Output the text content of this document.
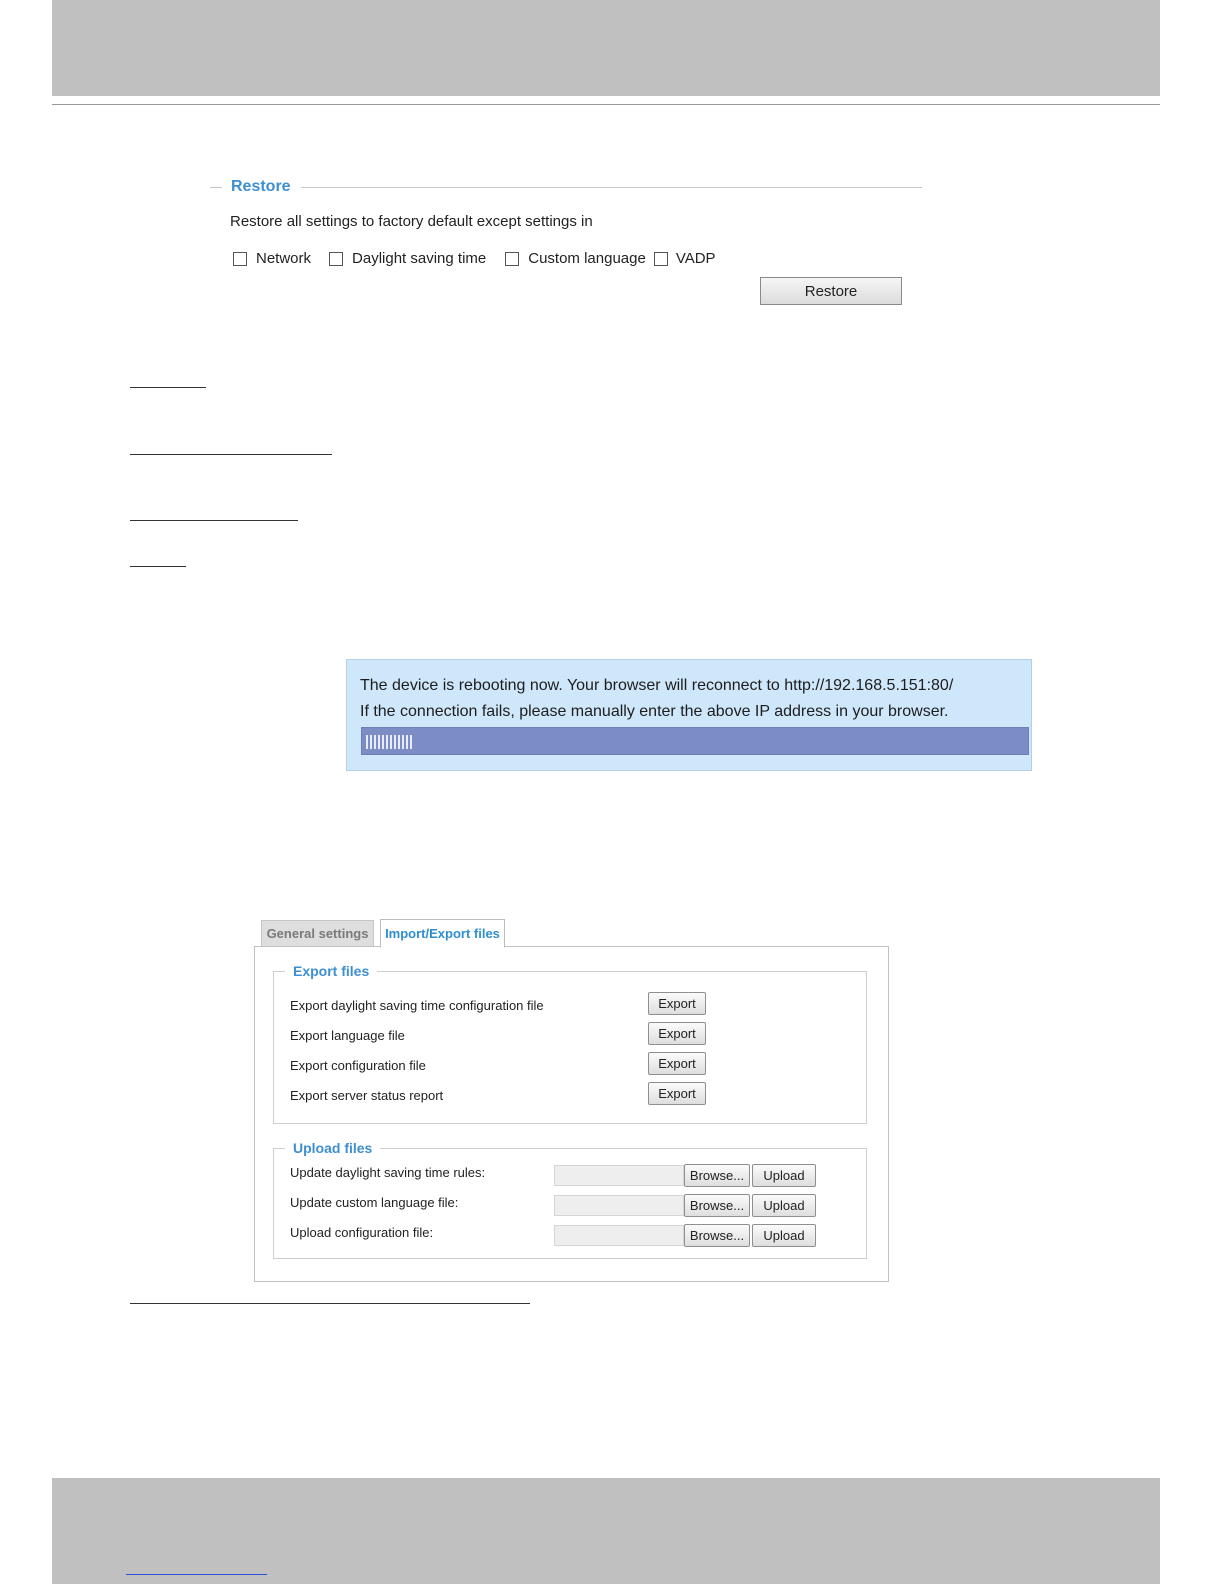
Restore
Restore all settings to factory default except settings in
Network	Daylight saving time	Custom language VADP
Restore
The device is rebooting now. Your browser will reconnect to http://192.168.5.151:80/
If the connection fails, please manually enter the above IP address in your browser.
General settings	Import/Export files
Export files
Export daylight saving time configuration file	Export
Export language file	Export
Export configuration file	Export
Export server status report	Export
Upload files
Update daylight saving time rules:	Browse...	Upload
Update custom language file:	Browse...	Upload
Upload configuration file:	Browse...	Upload
